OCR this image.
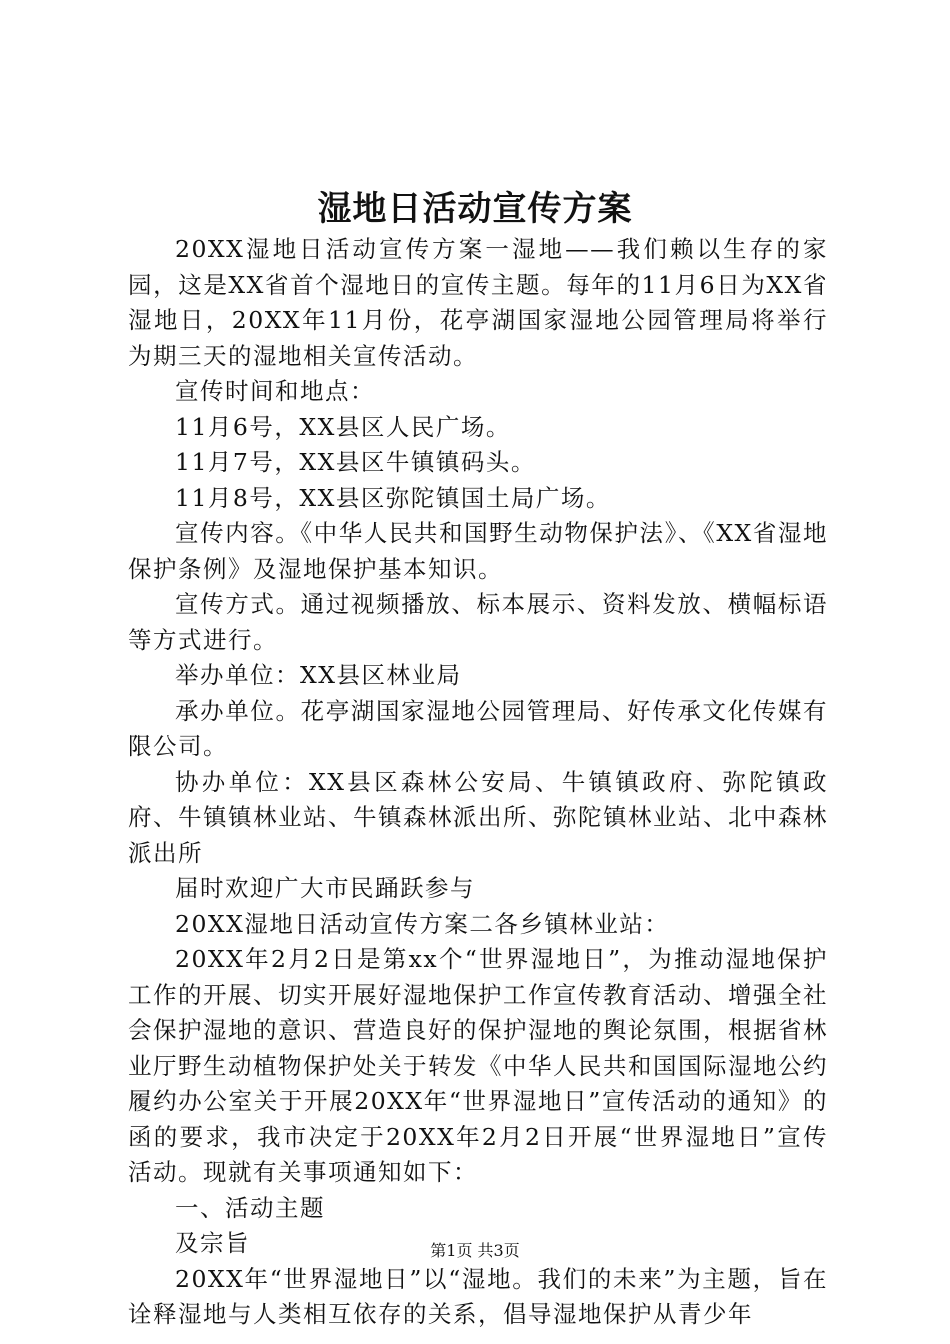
湿地日活动宣传方案

20XX湿地日活动宣传方案一湿地——我们赖以生存的家园，这是XX省首个湿地日的宣传主题。每年的11月6日为XX省湿地日，20XX年11月份，花亭湖国家湿地公园管理局将举行为期三天的湿地相关宣传活动。

宣传时间和地点：

11月6号，XX县区人民广场。

11月7号，XX县区牛镇镇码头。

11月8号，XX县区弥陀镇国土局广场。

宣传内容。《中华人民共和国野生动物保护法》、《XX省湿地保护条例》及湿地保护基本知识。

宣传方式。通过视频播放、标本展示、资料发放、横幅标语等方式进行。

举办单位：XX县区林业局

承办单位。花亭湖国家湿地公园管理局、好传承文化传媒有限公司。

协办单位：XX县区森林公安局、牛镇镇政府、弥陀镇政府、牛镇镇林业站、牛镇森林派出所、弥陀镇林业站、北中森林派出所

届时欢迎广大市民踊跃参与

20XX湿地日活动宣传方案二各乡镇林业站：

20XX年2月2日是第xx个“世界湿地日”，为推动湿地保护工作的开展、切实开展好湿地保护工作宣传教育活动、增强全社会保护湿地的意识、营造良好的保护湿地的舆论氛围，根据省林业厅野生动植物保护处关于转发《中华人民共和国国际湿地公约履约办公室关于开展20XX年“世界湿地日”宣传活动的通知》的函的要求，我市决定于20XX年2月2日开展“世界湿地日”宣传活动。现就有关事项通知如下：

一、活动主题

及宗旨

20XX年“世界湿地日”以“湿地。我们的未来”为主题，旨在诠释湿地与人类相互依存的关系，倡导湿地保护从青少年

第1页 共3页
